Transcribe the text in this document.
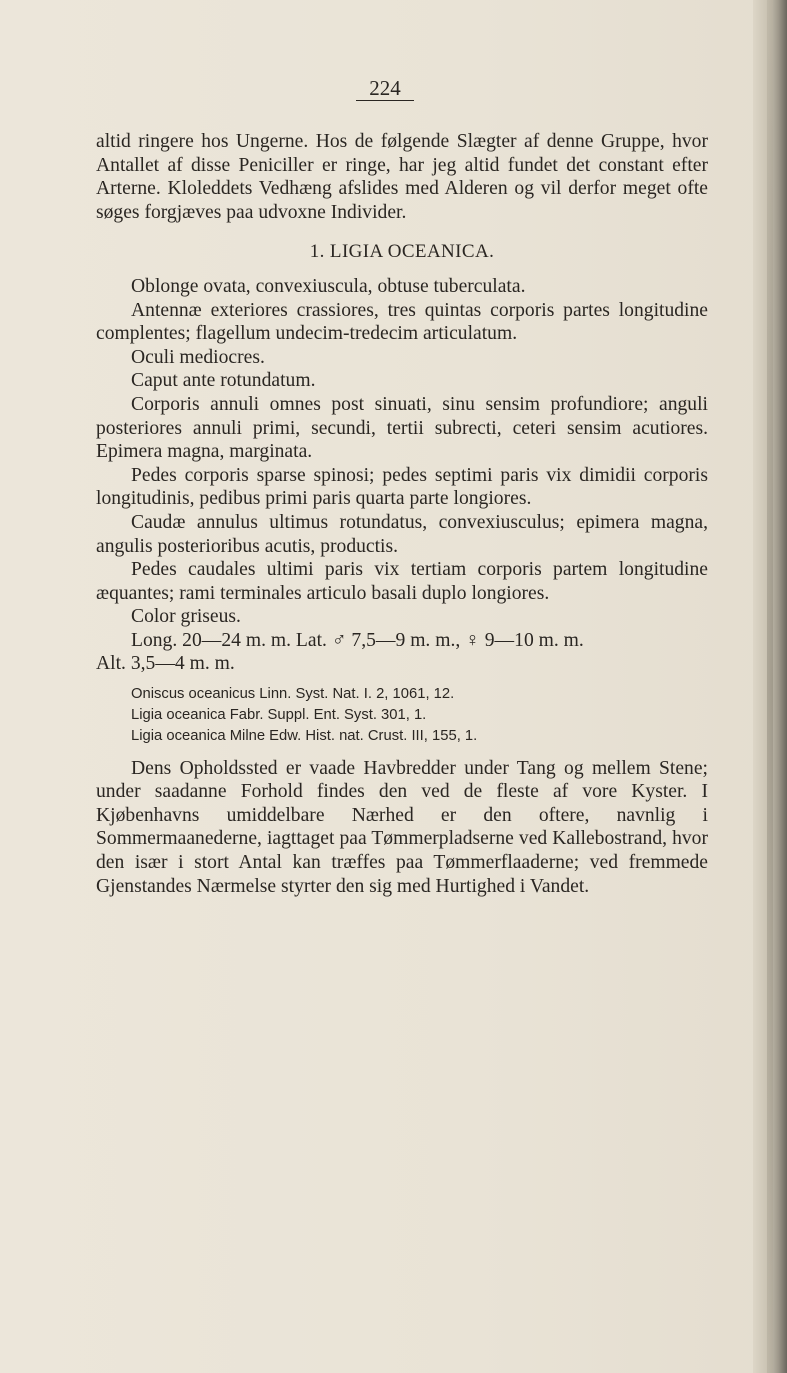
224

altid ringere hos Ungerne. Hos de følgende Slægter af denne Gruppe, hvor Antallet af disse Peniciller er ringe, har jeg altid fundet det constant efter Arterne. Kloleddets Vedhæng afslides med Alderen og vil derfor meget ofte søges forgjæves paa udvoxne Individer.

1. LIGIA OCEANICA.

Oblonge ovata, convexiuscula, obtuse tuberculata.

Antennæ exteriores crassiores, tres quintas corporis partes longitudine complentes; flagellum undecim-tredecim articulatum.

Oculi mediocres.

Caput ante rotundatum.

Corporis annuli omnes post sinuati, sinu sensim profundiore; anguli posteriores annuli primi, secundi, tertii subrecti, ceteri sensim acutiores. Epimera magna, marginata.

Pedes corporis sparse spinosi; pedes septimi paris vix dimidii corporis longitudinis, pedibus primi paris quarta parte longiores.

Caudæ annulus ultimus rotundatus, convexiusculus; epimera magna, angulis posterioribus acutis, productis.

Pedes caudales ultimi paris vix tertiam corporis partem longitudine æquantes; rami terminales articulo basali duplo longiores.

Color griseus.

Long. 20—24 m. m. Lat. ♂ 7,5—9 m. m., ♀ 9—10 m. m.

Alt. 3,5—4 m. m.

Oniscus oceanicus Linn. Syst. Nat. I. 2, 1061, 12.

Ligia oceanica Fabr. Suppl. Ent. Syst. 301, 1.

Ligia oceanica Milne Edw. Hist. nat. Crust. III, 155, 1.

Dens Opholdssted er vaade Havbredder under Tang og mellem Stene; under saadanne Forhold findes den ved de fleste af vore Kyster. I Kjøbenhavns umiddelbare Nærhed er den oftere, navnlig i Sommermaanederne, iagttaget paa Tømmerpladserne ved Kallebostrand, hvor den især i stort Antal kan træffes paa Tømmerflaaderne; ved fremmede Gjenstandes Nærmelse styrter den sig med Hurtighed i Vandet.
